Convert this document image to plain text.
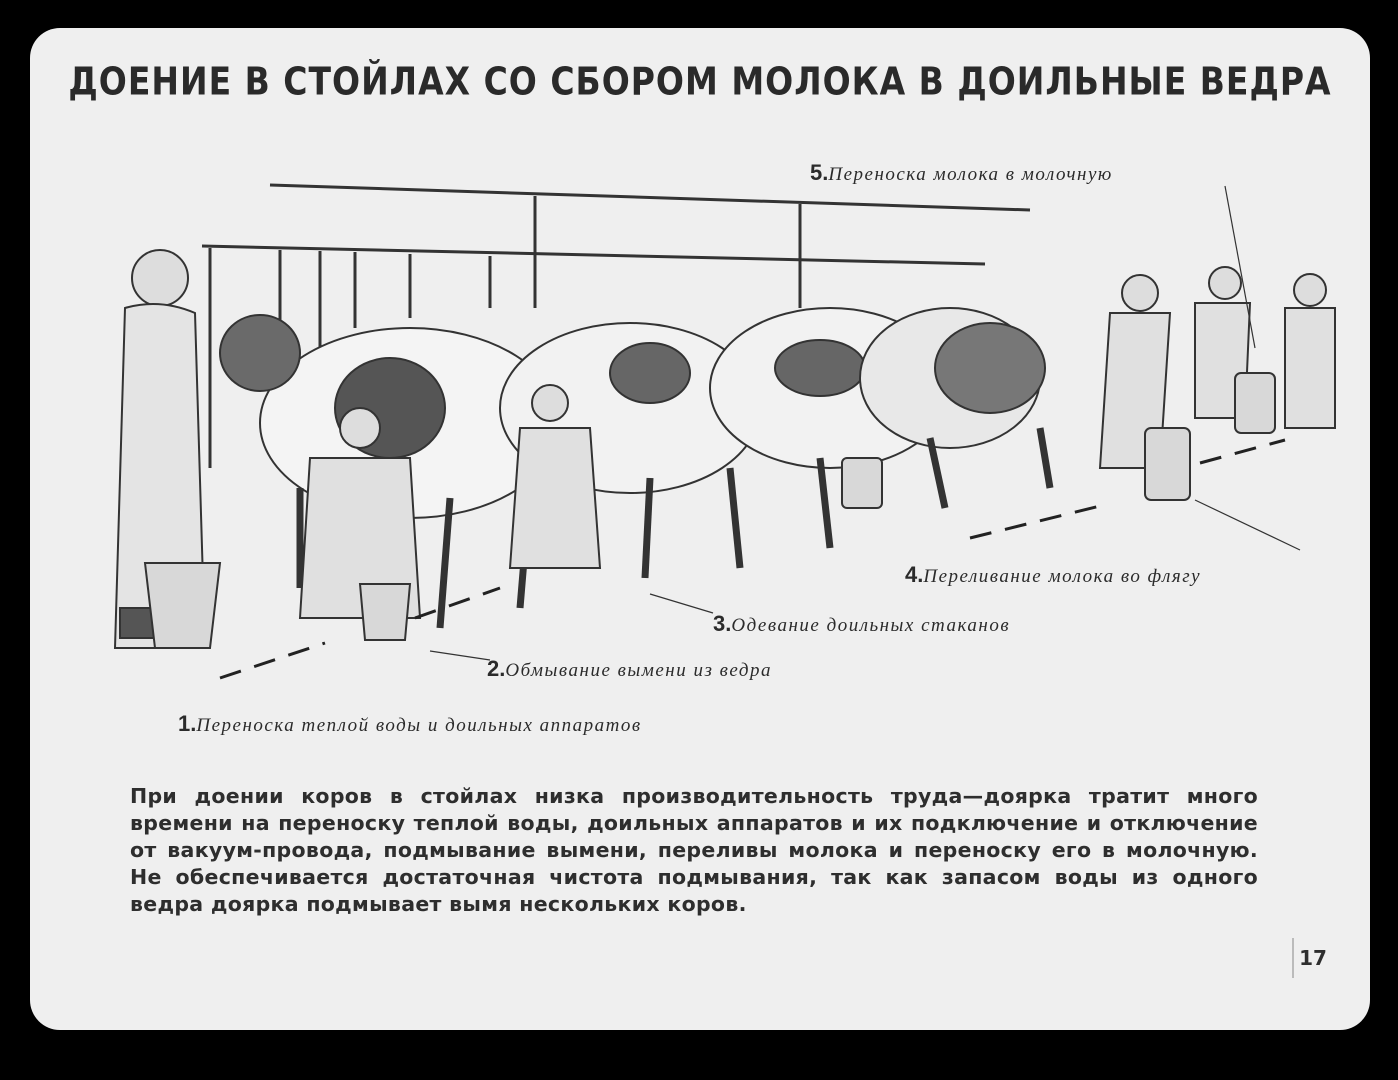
ДОЕНИЕ В СТОЙЛАХ СО СБОРОМ МОЛОКА В ДОИЛЬНЫЕ ВЕДРА
5.Переноска молока в молочную
4.Переливание молока во флягу
3.Одевание доильных стаканов
2.Обмывание вымени из ведра
1.Переноска теплой воды и доильных аппаратов

При доении коров в стойлах низка производительность труда—доярка тратит много времени на переноску теплой воды, доильных аппаратов и их подключение и отключение от вакуум-провода, подмывание вымени, переливы молока и переноску его в молочную. Не обеспечивается достаточная чистота подмывания, так как запасом воды из одного ведра доярка подмывает вымя нескольких коров.

17
